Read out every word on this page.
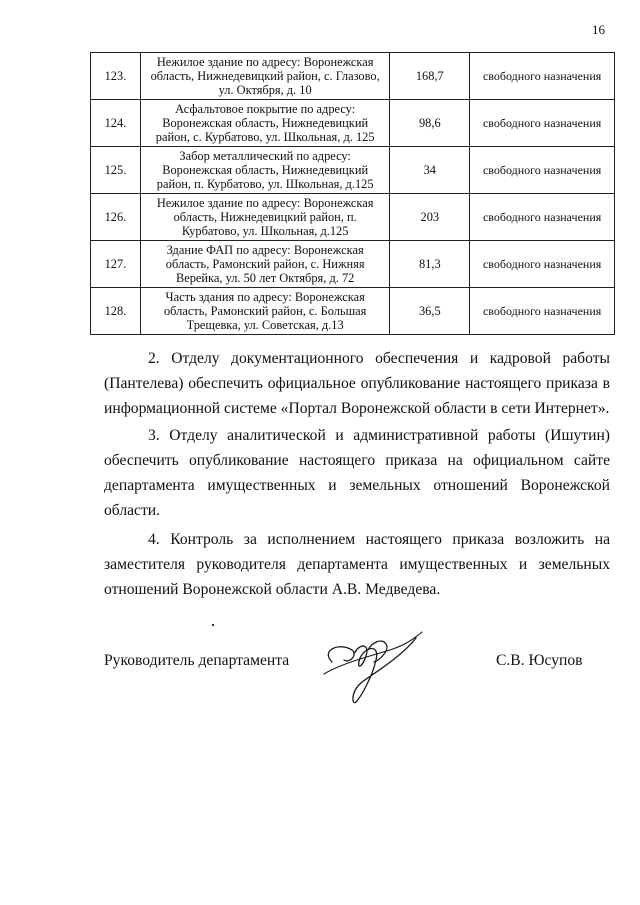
16
123.	Нежилое здание по адресу: Воронежская
область, Нижнедевицкий район, с. Глазово,
ул. Октября, д. 10	168,7	свободного назначения
124.	Асфальтовое покрытие по адресу:
Воронежская область, Нижнедевицкий
район, с. Курбатово, ул. Школьная, д. 125	98,6	свободного назначения
125.	Забор металлический по адресу:
Воронежская область, Нижнедевицкий
район, п. Курбатово, ул. Школьная, д.125	34	свободного назначения
126.	Нежилое здание по адресу: Воронежская
область, Нижнедевицкий район, п.
Курбатово, ул. Школьная, д.125	203	свободного назначения
127.	Здание ФАП по адресу: Воронежская
область, Рамонский район, с. Нижняя
Верейка, ул. 50 лет Октября, д. 72	81,3	свободного назначения
128.	Часть здания по адресу: Воронежская
область, Рамонский район, с. Большая
Трещевка, ул. Советская, д.13	36,5	свободного назначения
2. Отделу документационного обеспечения и кадровой работы (Пантелева) обеспечить официальное опубликование настоящего приказа в информационной системе «Портал Воронежской области в сети Интернет».
3. Отделу аналитической и административной работы (Ишутин) обеспечить опубликование настоящего приказа на официальном сайте департамента имущественных и земельных отношений Воронежской области.
4. Контроль за исполнением настоящего приказа возложить на заместителя руководителя департамента имущественных и земельных отношений Воронежской области А.В. Медведева.
Руководитель департамента	С.В. Юсупов
